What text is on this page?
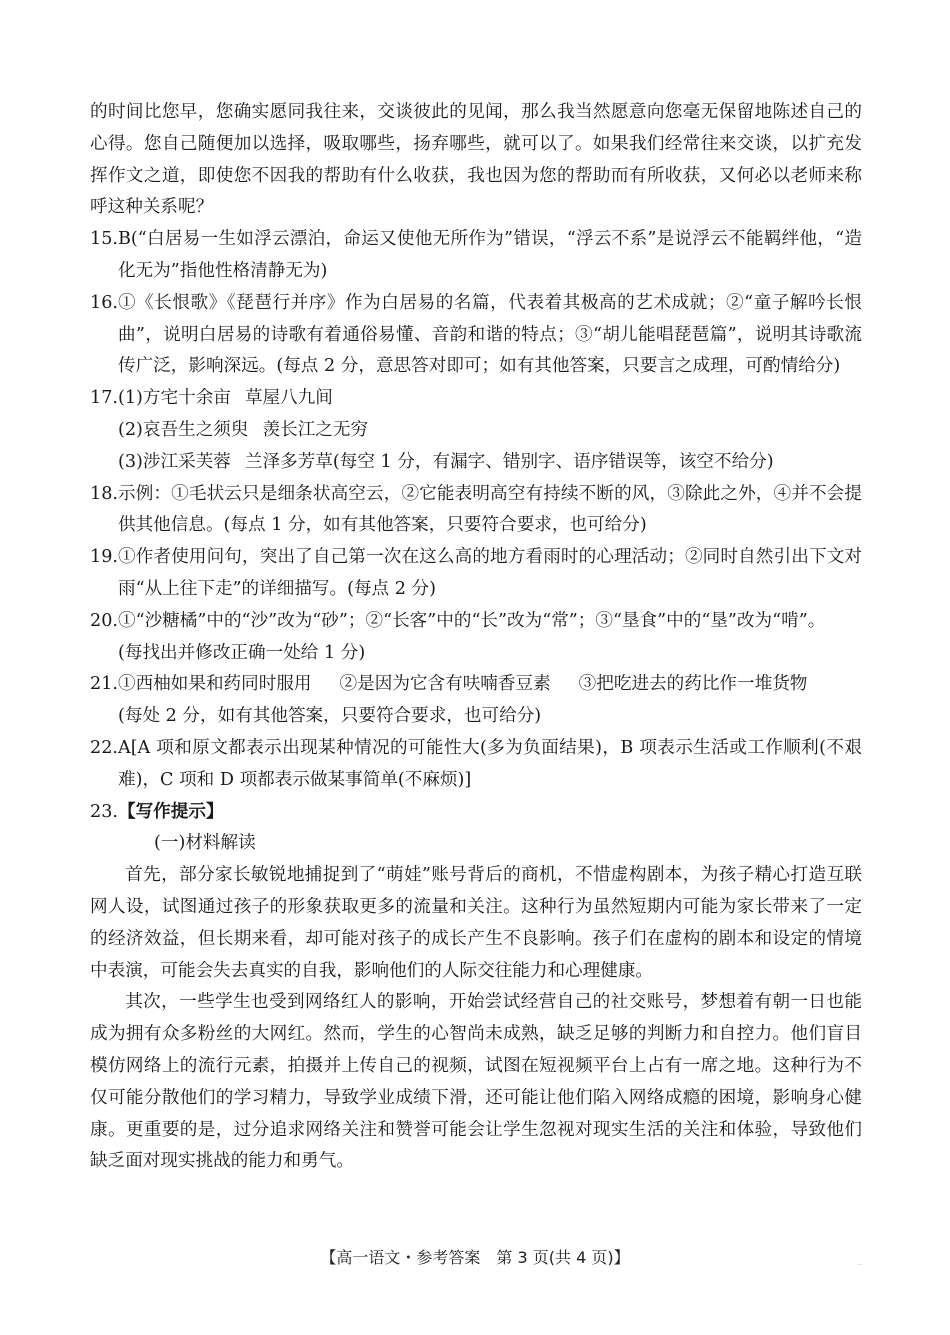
的时间比您早，您确实愿同我往来，交谈彼此的见闻，那么我当然愿意向您毫无保留地陈述自己的心得。您自己随便加以选择，吸取哪些，扬弃哪些，就可以了。如果我们经常往来交谈，以扩充发挥作文之道，即使您不因我的帮助有什么收获，我也因为您的帮助而有所收获，又何必以老师来称呼这种关系呢？

15. B(“白居易一生如浮云漂泊，命运又使他无所作为”错误，“浮云不系”是说浮云不能羁绊他，“造化无为”指他性格清静无为)
16. ①《长恨歌》《琵琶行并序》作为白居易的名篇，代表着其极高的艺术成就；②“童子解吟长恨曲”，说明白居易的诗歌有着通俗易懂、音韵和谐的特点；③“胡儿能唱琵琶篇”，说明其诗歌流传广泛，影响深远。(每点 2 分，意思答对即可；如有其他答案，只要言之成理，可酌情给分)
17. (1)方宅十余亩 草屋八九间

(2)哀吾生之须臾 羡长江之无穷

(3)涉江采芙蓉 兰泽多芳草(每空 1 分，有漏字、错别字、语序错误等，该空不给分)

18. 示例：①毛状云只是细条状高空云，②它能表明高空有持续不断的风，③除此之外，④并不会提供其他信息。(每点 1 分，如有其他答案，只要符合要求，也可给分)
19. ①作者使用问句，突出了自己第一次在这么高的地方看雨时的心理活动；②同时自然引出下文对雨“从上往下走”的详细描写。(每点 2 分)
20. ①“沙糖橘”中的“沙”改为“砂”；②“长客”中的“长”改为“常”；③“垦食”中的“垦”改为“啃”。

(每找出并修改正确一处给 1 分)

21. ①西柚如果和药同时服用 ②是因为它含有呋喃香豆素 ③把吃进去的药比作一堆货物

(每处 2 分，如有其他答案，只要符合要求，也可给分)

22. A[A 项和原文都表示出现某种情况的可能性大(多为负面结果)，B 项表示生活或工作顺利(不艰难)，C 项和 D 项都表示做某事简单(不麻烦)]
23. 【写作提示】

(一)材料解读

首先，部分家长敏锐地捕捉到了“萌娃”账号背后的商机，不惜虚构剧本，为孩子精心打造互联网人设，试图通过孩子的形象获取更多的流量和关注。这种行为虽然短期内可能为家长带来了一定的经济效益，但长期来看，却可能对孩子的成长产生不良影响。孩子们在虚构的剧本和设定的情境中表演，可能会失去真实的自我，影响他们的人际交往能力和心理健康。

其次，一些学生也受到网络红人的影响，开始尝试经营自己的社交账号，梦想着有朝一日也能成为拥有众多粉丝的大网红。然而，学生的心智尚未成熟，缺乏足够的判断力和自控力。他们盲目模仿网络上的流行元素，拍摄并上传自己的视频，试图在短视频平台上占有一席之地。这种行为不仅可能分散他们的学习精力，导致学业成绩下滑，还可能让他们陷入网络成瘾的困境，影响身心健康。更重要的是，过分追求网络关注和赞誉可能会让学生忽视对现实生活的关注和体验，导致他们缺乏面对现实挑战的能力和勇气。

【高一语文・参考答案　第 3 页(共 4 页)】	..
